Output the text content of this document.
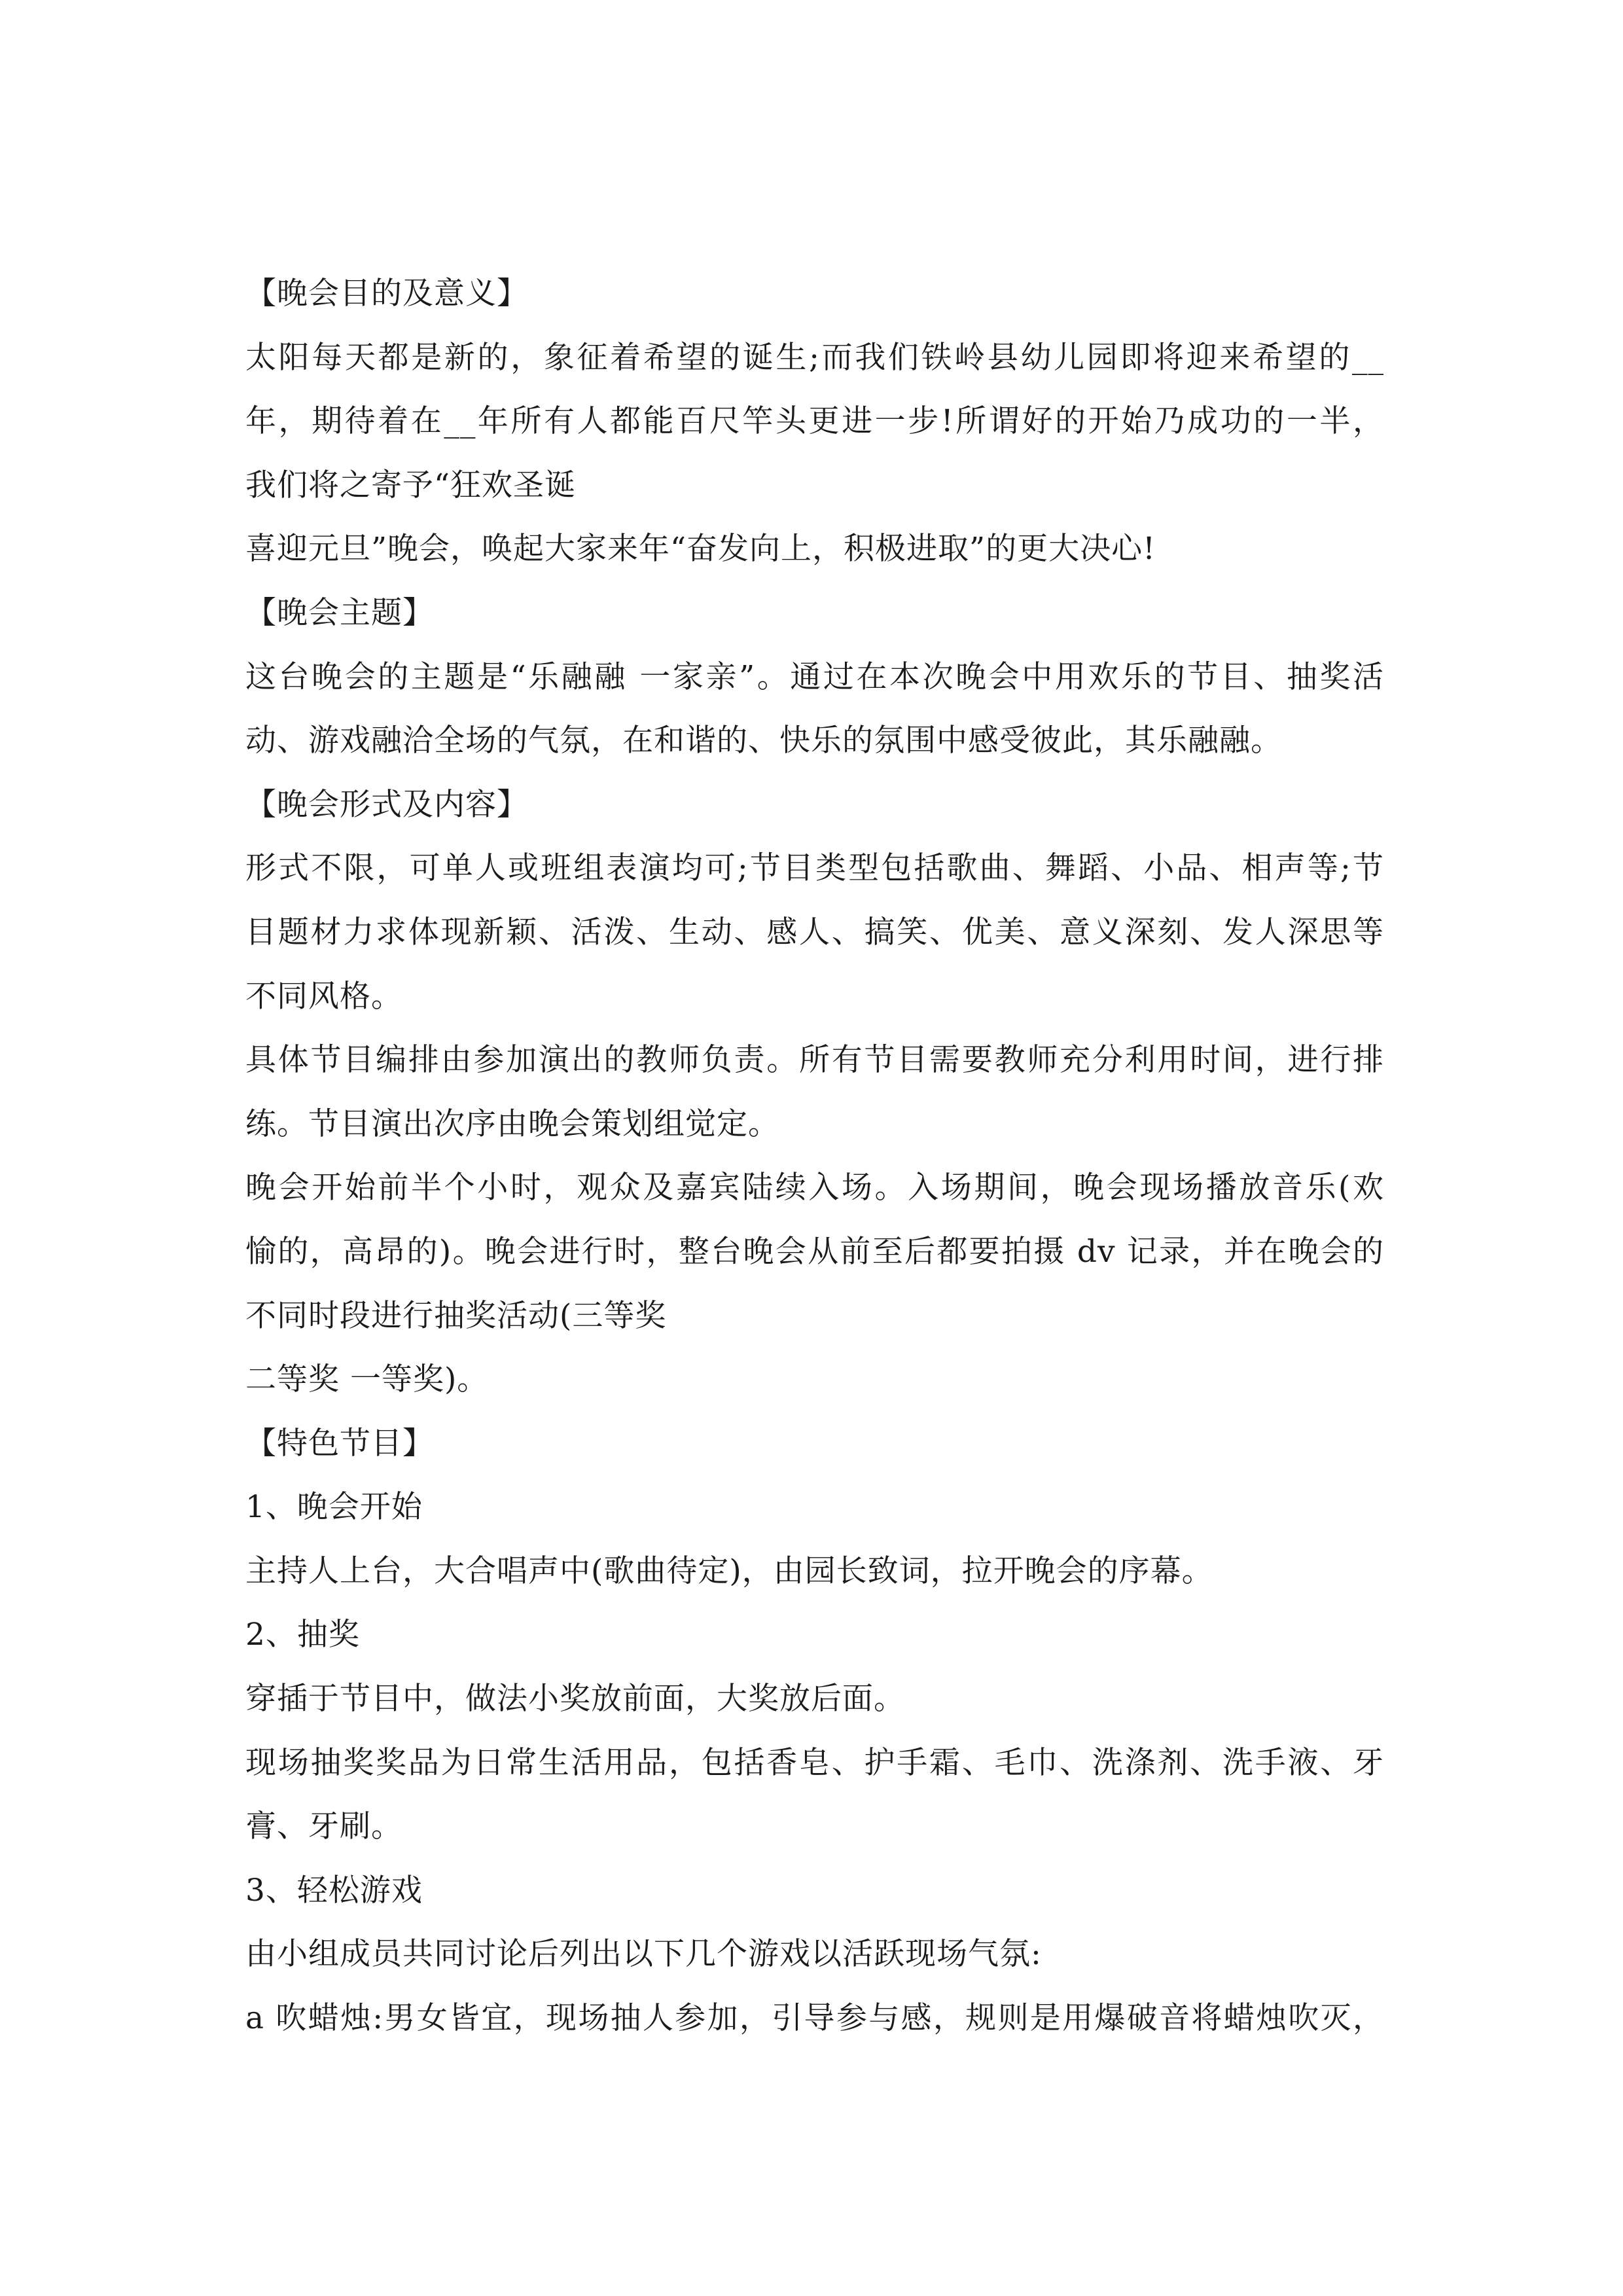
【晚会目的及意义】
太阳每天都是新的，象征着希望的诞生;而我们铁岭县幼儿园即将迎来希望的__
年，期待着在__年所有人都能百尺竿头更进一步!所谓好的开始乃成功的一半，
我们将之寄予“狂欢圣诞
喜迎元旦”晚会，唤起大家来年“奋发向上，积极进取”的更大决心!
【晚会主题】
这台晚会的主题是“乐融融 一家亲”。通过在本次晚会中用欢乐的节目、抽奖活
动、游戏融洽全场的气氛，在和谐的、快乐的氛围中感受彼此，其乐融融。
【晚会形式及内容】
形式不限，可单人或班组表演均可;节目类型包括歌曲、舞蹈、小品、相声等;节
目题材力求体现新颖、活泼、生动、感人、搞笑、优美、意义深刻、发人深思等
不同风格。
具体节目编排由参加演出的教师负责。所有节目需要教师充分利用时间，进行排
练。节目演出次序由晚会策划组觉定。
晚会开始前半个小时，观众及嘉宾陆续入场。入场期间，晚会现场播放音乐(欢
愉的，高昂的)。晚会进行时，整台晚会从前至后都要拍摄 dv 记录，并在晚会的
不同时段进行抽奖活动(三等奖
二等奖 一等奖)。
【特色节目】
1、晚会开始
主持人上台，大合唱声中(歌曲待定)，由园长致词，拉开晚会的序幕。
2、抽奖
穿插于节目中，做法小奖放前面，大奖放后面。
现场抽奖奖品为日常生活用品，包括香皂、护手霜、毛巾、洗涤剂、洗手液、牙
膏、牙刷。
3、轻松游戏
由小组成员共同讨论后列出以下几个游戏以活跃现场气氛:
a 吹蜡烛:男女皆宜，现场抽人参加，引导参与感，规则是用爆破音将蜡烛吹灭，
